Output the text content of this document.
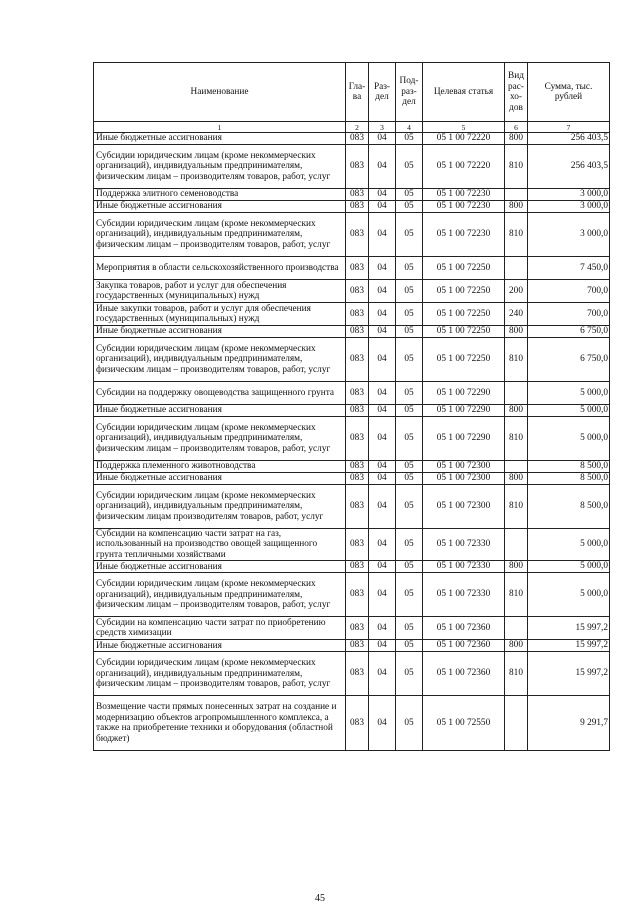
Наименование	Гла-ва	Раз-дел	Под-раз-дел	Целевая статья	Вид рас-хо-дов	Сумма, тыс. рублей
1	2	3	4	5	6	7
Иные бюджетные ассигнования	083	04	05	05 1 00 72220	800	256 403,5
Субсидии юридическим лицам (кроме некоммерческих организаций), индивидуальным предпринимателям, физическим лицам – производителям товаров, работ, услуг	083	04	05	05 1 00 72220	810	256 403,5
Поддержка элитного семеноводства	083	04	05	05 1 00 72230		3 000,0
Иные бюджетные ассигнования	083	04	05	05 1 00 72230	800	3 000,0
Субсидии юридическим лицам (кроме некоммерческих организаций), индивидуальным предпринимателям, физическим лицам – производителям товаров, работ, услуг	083	04	05	05 1 00 72230	810	3 000,0
Мероприятия в области сельскохозяйственного производства	083	04	05	05 1 00 72250		7 450,0
Закупка товаров, работ и услуг для обеспечения государственных (муниципальных) нужд	083	04	05	05 1 00 72250	200	700,0
Иные закупки товаров, работ и услуг для обеспечения государственных (муниципальных) нужд	083	04	05	05 1 00 72250	240	700,0
Иные бюджетные ассигнования	083	04	05	05 1 00 72250	800	6 750,0
Субсидии юридическим лицам (кроме некоммерческих организаций), индивидуальным предпринимателям, физическим лицам – производителям товаров, работ, услуг	083	04	05	05 1 00 72250	810	6 750,0
Субсидии на поддержку овощеводства защищенного грунта	083	04	05	05 1 00 72290		5 000,0
Иные бюджетные ассигнования	083	04	05	05 1 00 72290	800	5 000,0
Субсидии юридическим лицам (кроме некоммерческих организаций), индивидуальным предпринимателям, физическим лицам – производителям товаров, работ, услуг	083	04	05	05 1 00 72290	810	5 000,0
Поддержка племенного животноводства	083	04	05	05 1 00 72300		8 500,0
Иные бюджетные ассигнования	083	04	05	05 1 00 72300	800	8 500,0
Субсидии юридическим лицам (кроме некоммерческих организаций), индивидуальным предпринимателям, физическим лицам производителям товаров, работ, услуг	083	04	05	05 1 00 72300	810	8 500,0
Субсидии на компенсацию части затрат на газ, использованный на производство овощей защищенного грунта тепличными хозяйствами	083	04	05	05 1 00 72330		5 000,0
Иные бюджетные ассигнования	083	04	05	05 1 00 72330	800	5 000,0
Субсидии юридическим лицам (кроме некоммерческих организаций), индивидуальным предпринимателям, физическим лицам – производителям товаров, работ, услуг	083	04	05	05 1 00 72330	810	5 000,0
Субсидии на компенсацию части затрат по приобретению средств химизации	083	04	05	05 1 00 72360		15 997,2
Иные бюджетные ассигнования	083	04	05	05 1 00 72360	800	15 997,2
Субсидии юридическим лицам (кроме некоммерческих организаций), индивидуальным предпринимателям, физическим лицам – производителям товаров, работ, услуг	083	04	05	05 1 00 72360	810	15 997,2
Возмещение части прямых понесенных затрат на создание и модернизацию объектов агропромышленного комплекса, а также на приобретение техники и оборудования (областной бюджет)	083	04	05	05 1 00 72550		9 291,7
45
